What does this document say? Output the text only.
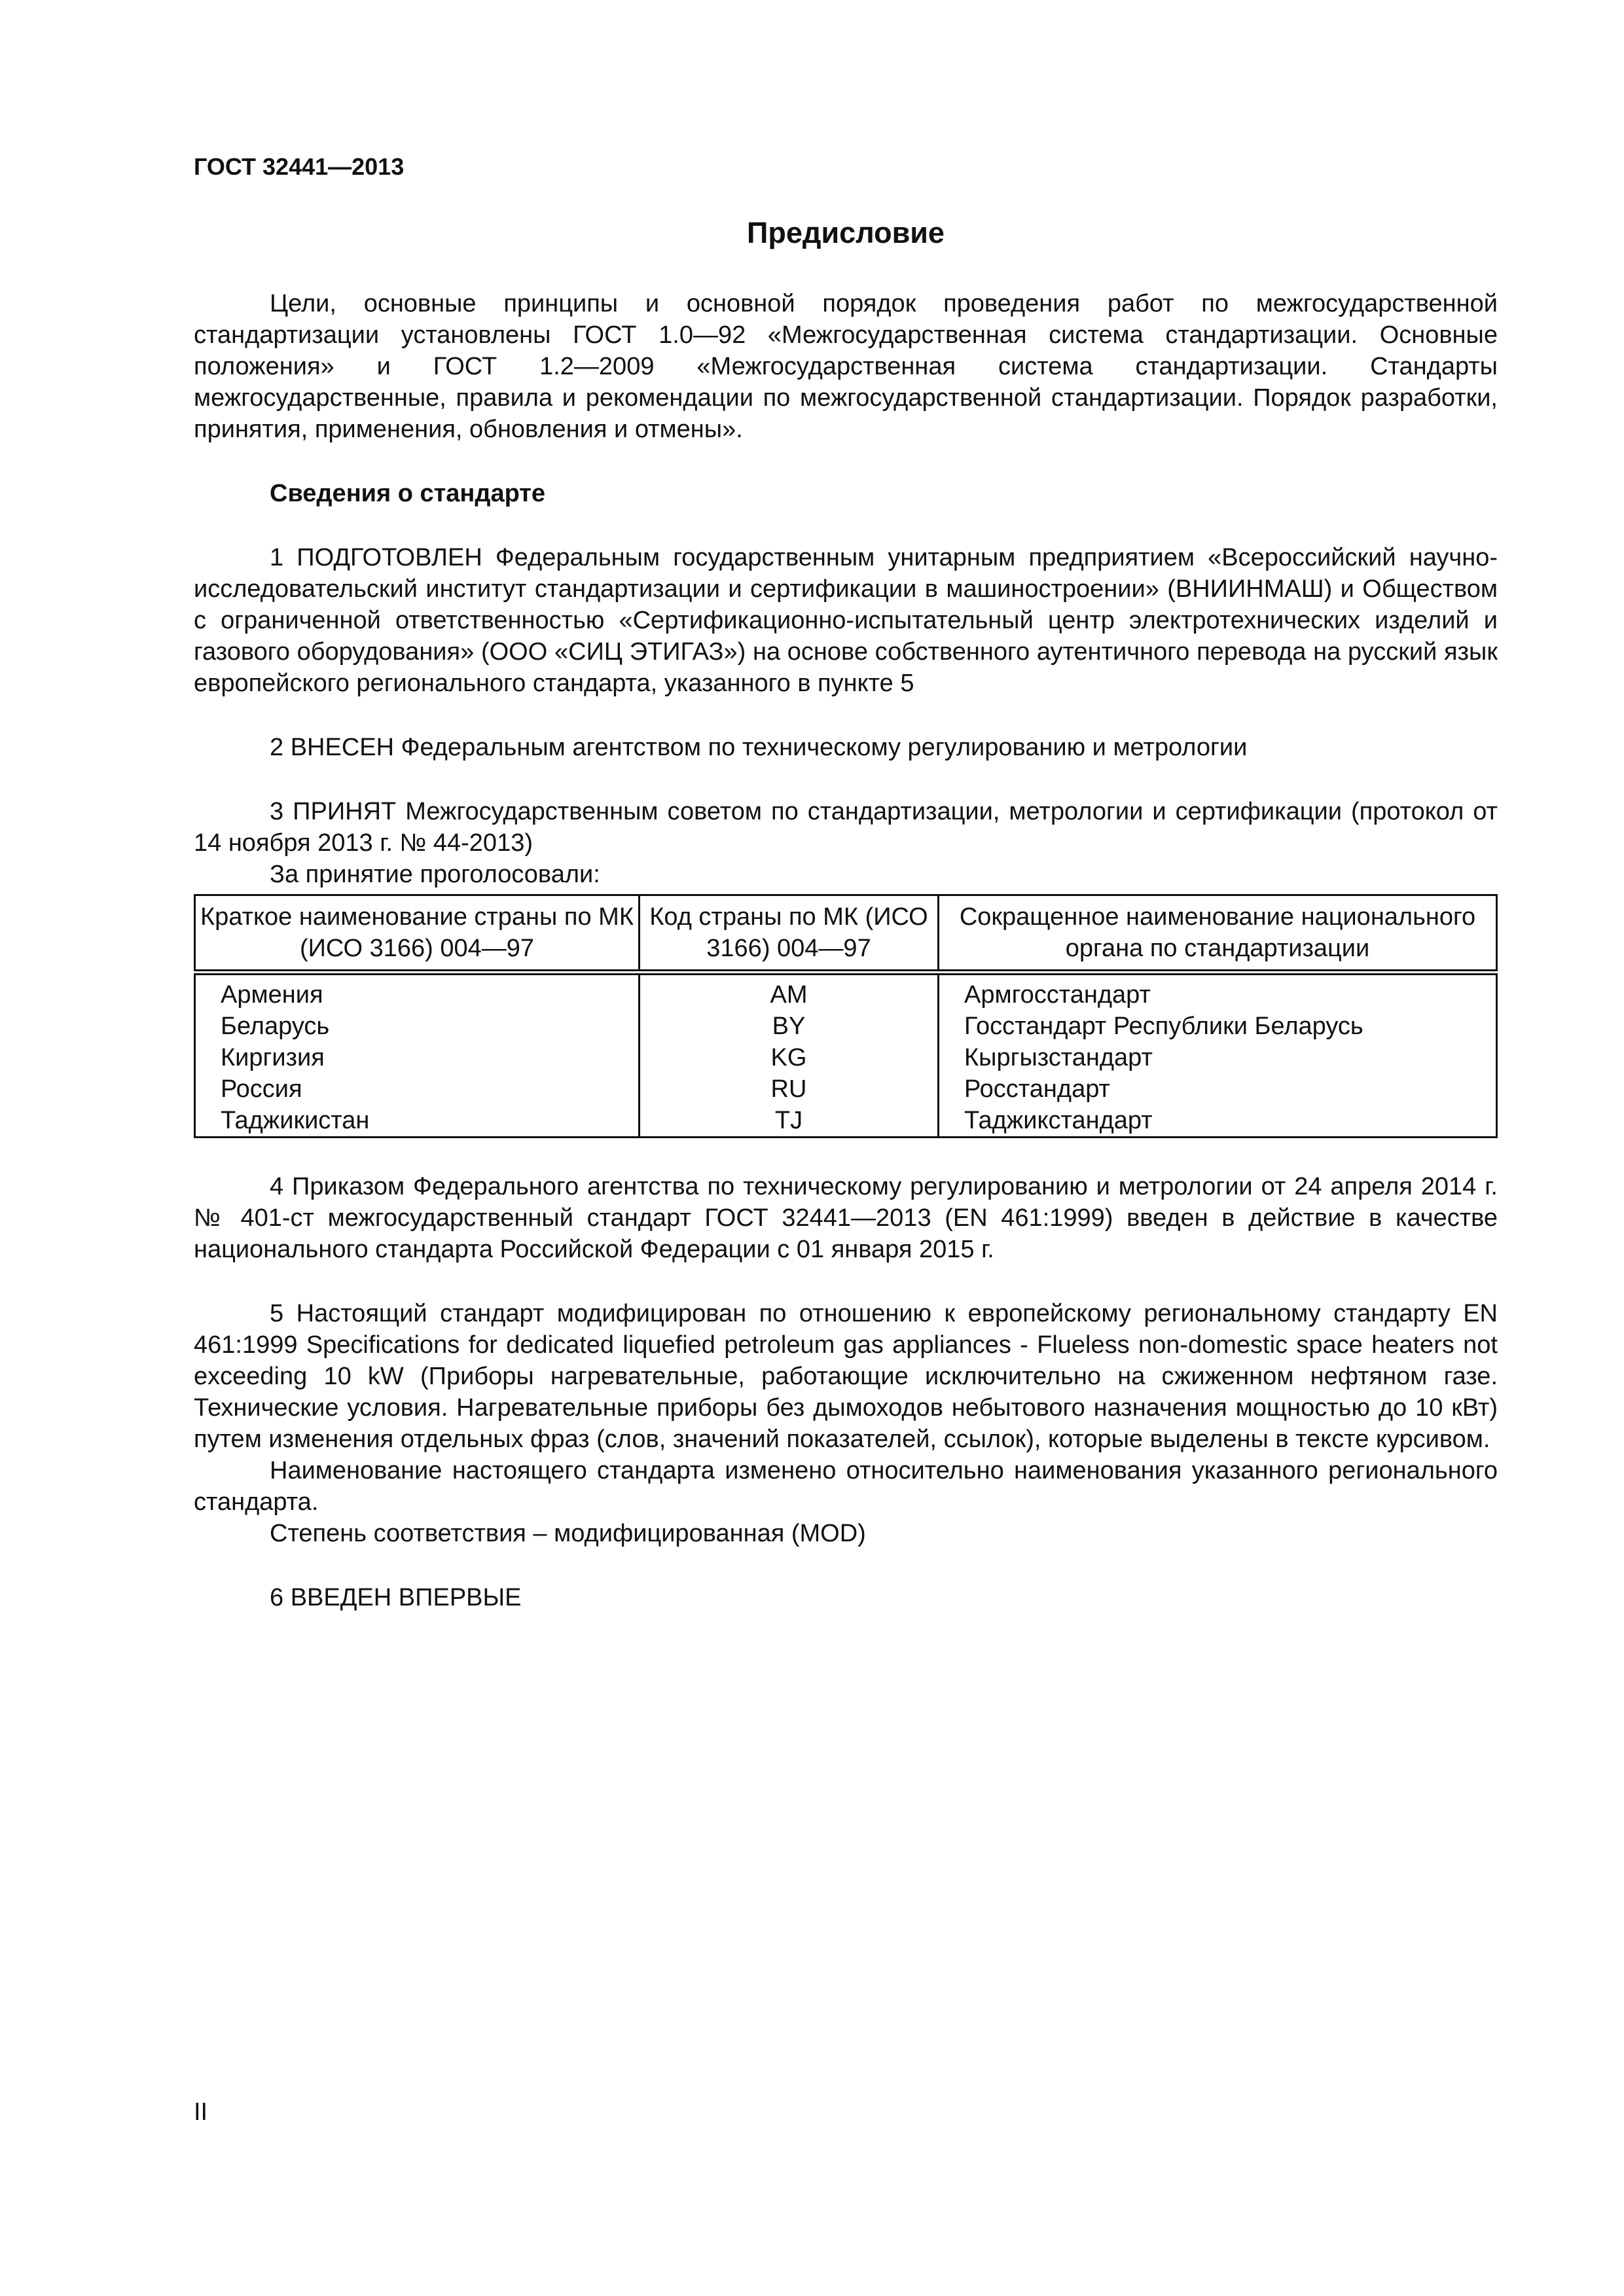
ГОСТ 32441—2013
Предисловие

Цели, основные принципы и основной порядок проведения работ по межгосударственной стандартизации установлены ГОСТ 1.0—92 «Межгосударственная система стандартизации. Основные положения» и ГОСТ 1.2—2009 «Межгосударственная система стандартизации. Стандарты межгосударственные, правила и рекомендации по межгосударственной стандартизации. Порядок разработки, принятия, применения, обновления и отмены».

Сведения о стандарте

1 ПОДГОТОВЛЕН Федеральным государственным унитарным предприятием «Всероссийский научно-исследовательский институт стандартизации и сертификации в машиностроении» (ВНИИНМАШ) и Обществом с ограниченной ответственностью «Сертификационно-испытательный центр электротехнических изделий и газового оборудования» (ООО «СИЦ ЭТИГАЗ») на основе собственного аутентичного перевода на русский язык европейского регионального стандарта, указанного в пункте 5

2 ВНЕСЕН Федеральным агентством по техническому регулированию и метрологии

3 ПРИНЯТ Межгосударственным советом по стандартизации, метрологии и сертификации (протокол от 14 ноября 2013 г. № 44-2013)

За принятие проголосовали:

Краткое наименование страны по МК (ИСО 3166) 004—97	Код страны по МК (ИСО 3166) 004—97	Сокращенное наименование национального органа по стандартизации
Армения	AM	Армгосстандарт
Беларусь	BY	Госстандарт Республики Беларусь
Киргизия	KG	Кыргызстандарт
Россия	RU	Росстандарт
Таджикистан	TJ	Таджикстандарт

4 Приказом Федерального агентства по техническому регулированию и метрологии от 24 апреля 2014 г. № 401-ст межгосударственный стандарт ГОСТ 32441—2013 (EN 461:1999) введен в действие в качестве национального стандарта Российской Федерации с 01 января 2015 г.

5 Настоящий стандарт модифицирован по отношению к европейскому региональному стандарту EN 461:1999 Specifications for dedicated liquefied petroleum gas appliances - Flueless non-domestic space heaters not exceeding 10 kW (Приборы нагревательные, работающие исключительно на сжиженном нефтяном газе. Технические условия. Нагревательные приборы без дымоходов небытового назначения мощностью до 10 кВт) путем изменения отдельных фраз (слов, значений показателей, ссылок), которые выделены в тексте курсивом.

Наименование настоящего стандарта изменено относительно наименования указанного регионального стандарта.

Степень соответствия – модифицированная (MOD)

6 ВВЕДЕН ВПЕРВЫЕ

II
